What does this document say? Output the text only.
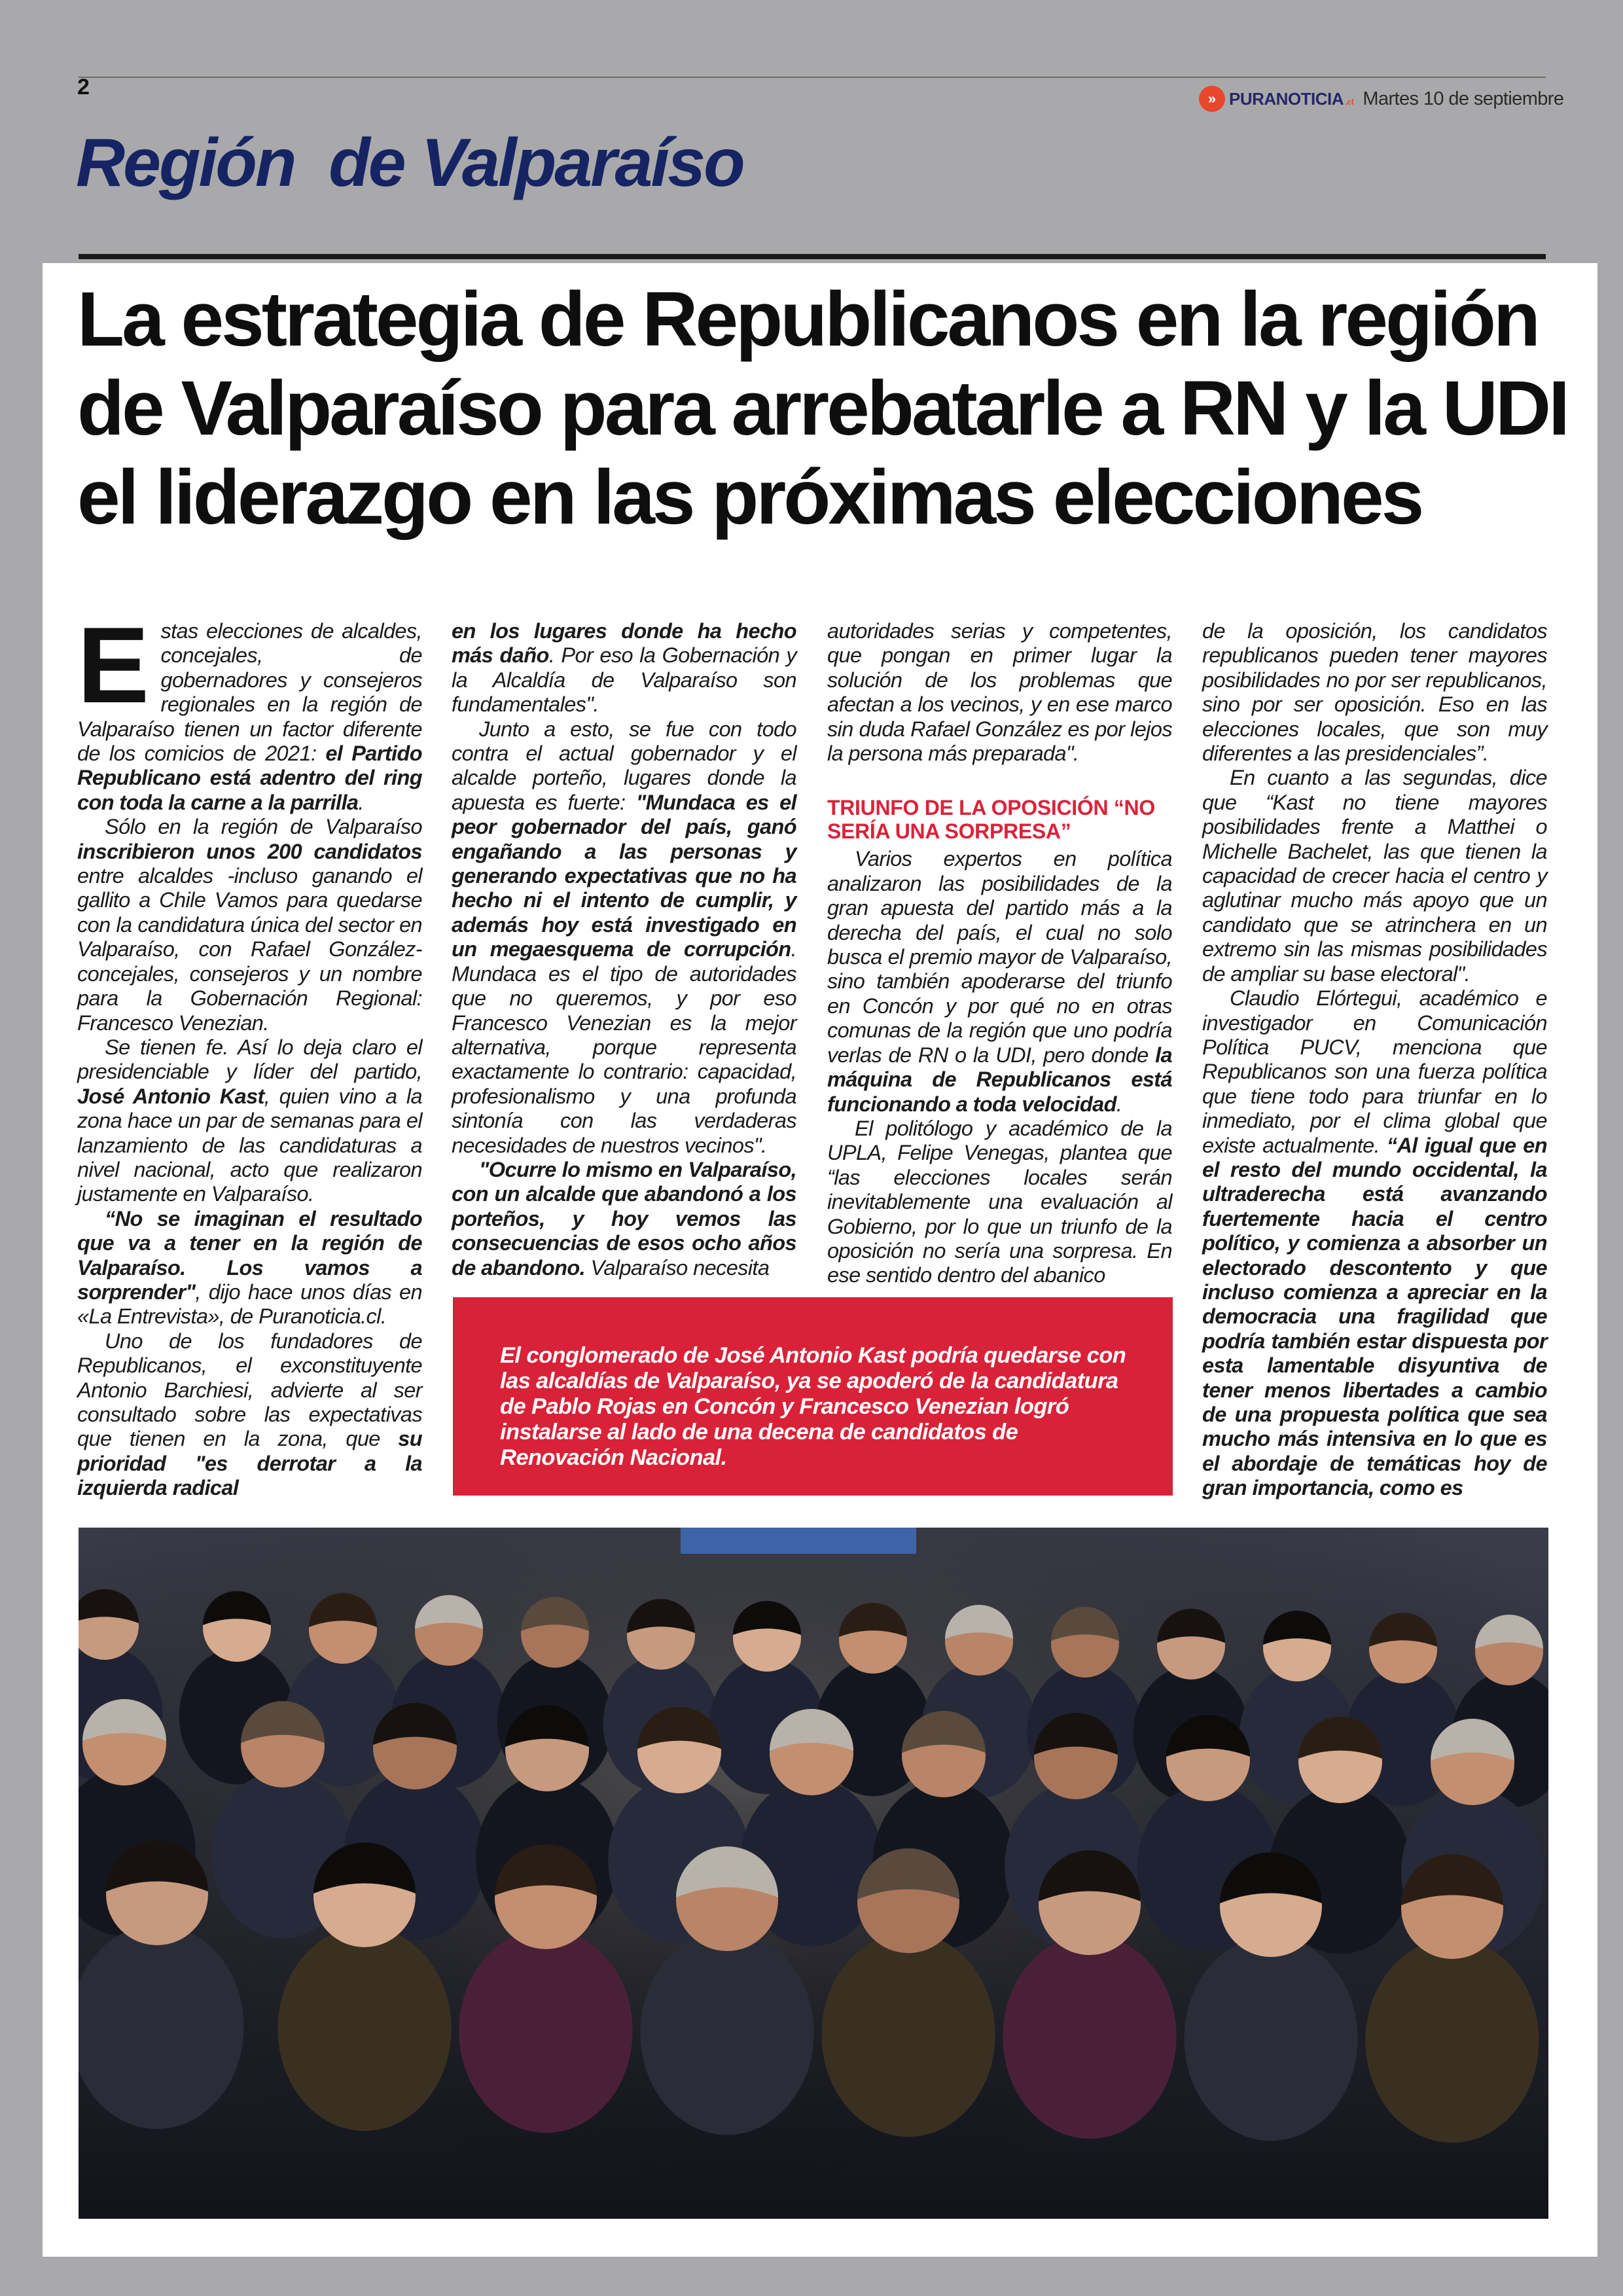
2	» PURANOTICIA .cl Martes 10 de septiembre
Región  de Valparaíso
La estrategia de Republicanos en la región de Valparaíso para arrebatarle a RN y la UDI el liderazgo en las próximas elecciones
E stas elecciones de alcaldes, concejales, de gobernadores y consejeros regionales en la región de Valparaíso tienen un factor diferente de los comicios de 2021: el Partido Republicano está adentro del ring con toda la carne a la parrilla.

Sólo en la región de Valparaíso inscribieron unos 200 candidatos entre alcaldes -incluso ganando el gallito a Chile Vamos para quedarse con la candidatura única del sector en Valparaíso, con Rafael González- concejales, consejeros y un nombre para la Gobernación Regional: Francesco Venezian.

Se tienen fe. Así lo deja claro el presidenciable y líder del partido, José Antonio Kast, quien vino a la zona hace un par de semanas para el lanzamiento de las candidaturas a nivel nacional, acto que realizaron justamente en Valparaíso.

“No se imaginan el resultado que va a tener en la región de Valparaíso. Los vamos a sorprender", dijo hace unos días en «La Entrevista», de Puranoticia.cl.

Uno de los fundadores de Republicanos, el exconstituyente Antonio Barchiesi, advierte al ser consultado sobre las expectativas que tienen en la zona, que su prioridad "es derrotar a la izquierda radical

en los lugares donde ha hecho más daño. Por eso la Gobernación y la Alcaldía de Valparaíso son fundamentales".

Junto a esto, se fue con todo contra el actual gobernador y el alcalde porteño, lugares donde la apuesta es fuerte: "Mundaca es el peor gobernador del país, ganó engañando a las personas y generando expectativas que no ha hecho ni el intento de cumplir, y además hoy está investigado en un megaesquema de corrupción. Mundaca es el tipo de autoridades que no queremos, y por eso Francesco Venezian es la mejor alternativa, porque representa exactamente lo contrario: capacidad, profesionalismo y una profunda sintonía con las verdaderas necesidades de nuestros vecinos".

"Ocurre lo mismo en Valparaíso, con un alcalde que abandonó a los porteños, y hoy vemos las consecuencias de esos ocho años de abandono. Valparaíso necesita

autoridades serias y competentes, que pongan en primer lugar la solución de los problemas que afectan a los vecinos, y en ese marco sin duda Rafael González es por lejos la persona más preparada".

TRIUNFO DE LA OPOSICIÓN “NO SERÍA UNA SORPRESA”

Varios expertos en política analizaron las posibilidades de la gran apuesta del partido más a la derecha del país, el cual no solo busca el premio mayor de Valparaíso, sino también apoderarse del triunfo en Concón y por qué no en otras comunas de la región que uno podría verlas de RN o la UDI, pero donde la máquina de Republicanos está funcionando a toda velocidad.

El politólogo y académico de la UPLA, Felipe Venegas, plantea que “las elecciones locales serán inevitablemente una evaluación al Gobierno, por lo que un triunfo de la oposición no sería una sorpresa. En ese sentido dentro del abanico

de la oposición, los candidatos republicanos pueden tener mayores posibilidades no por ser republicanos, sino por ser oposición. Eso en las elecciones locales, que son muy diferentes a las presidenciales”.

En cuanto a las segundas, dice que “Kast no tiene mayores posibilidades frente a Matthei o Michelle Bachelet, las que tienen la capacidad de crecer hacia el centro y aglutinar mucho más apoyo que un candidato que se atrinchera en un extremo sin las mismas posibilidades de ampliar su base electoral".

Claudio Elórtegui, académico e investigador en Comunicación Política PUCV, menciona que Republicanos son una fuerza política que tiene todo para triunfar en lo inmediato, por el clima global que existe actualmente. “Al igual que en el resto del mundo occidental, la ultraderecha está avanzando fuertemente hacia el centro político, y comienza a absorber un electorado descontento y que incluso comienza a apreciar en la democracia una fragilidad que podría también estar dispuesta por esta lamentable disyuntiva de tener menos libertades a cambio de una propuesta política que sea mucho más intensiva en lo que es el abordaje de temáticas hoy de gran importancia, como es

El conglomerado de José Antonio Kast podría quedarse con las alcaldías de Valparaíso, ya se apoderó de la candidatura de Pablo Rojas en Concón y Francesco Venezian logró instalarse al lado de una decena de candidatos de Renovación Nacional.
